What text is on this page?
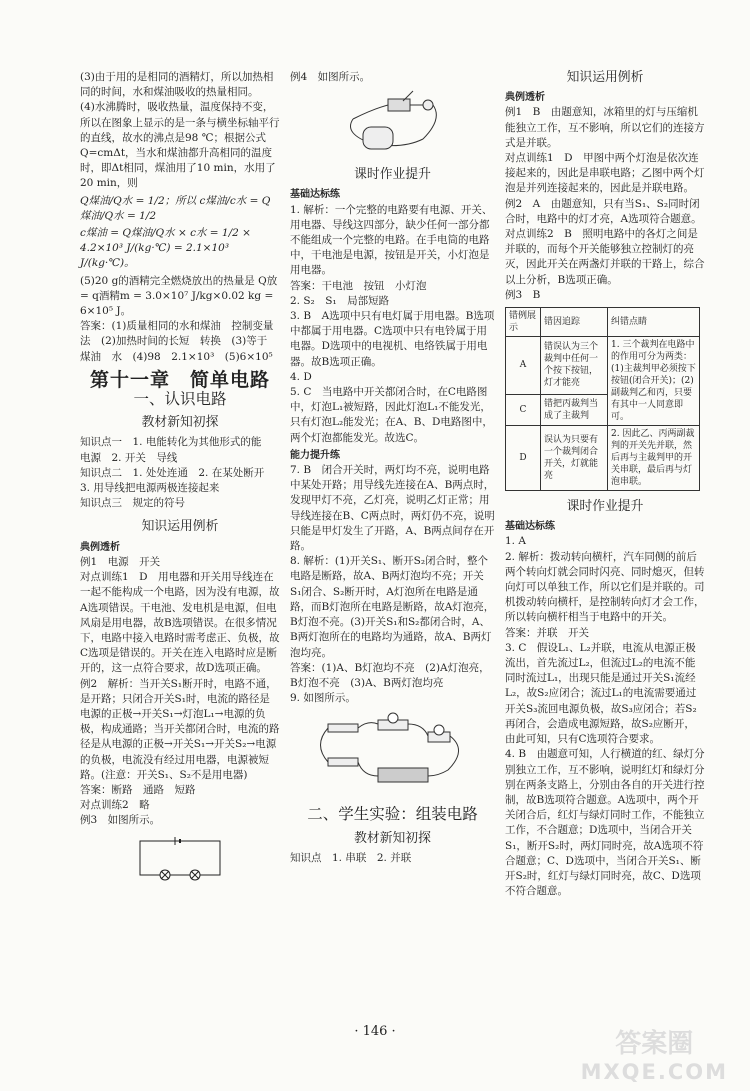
(3)由于用的是相同的酒精灯，所以加热相同的时间，水和煤油吸收的热量相同。

(4)水沸腾时，吸收热量，温度保持不变，所以在图象上显示的是一条与横坐标轴平行的直线，故水的沸点是98 ℃；根据公式Q=cmΔt，当水和煤油都升高相同的温度时，即Δt相同，煤油用了10 min，水用了20 min，则

Q煤油/Q水 = 1/2；所以 c煤油/c水 = Q煤油/Q水 = 1/2

c煤油 = Q煤油/Q水 × c水 = 1/2 × 4.2×10³ J/(kg·℃) = 2.1×10³ J/(kg·℃)。

(5)20 g的酒精完全燃烧放出的热量是 Q放 = q酒精m = 3.0×10⁷ J/kg×0.02 kg = 6×10⁵ J。

答案：(1)质量相同的水和煤油　控制变量法　(2)加热时间的长短　转换　(3)等于　煤油　水　(4)98　2.1×10³　(5)6×10⁵

第十一章　简单电路
一、认识电路
教材新知初探

知识点一　1. 电能转化为其他形式的能　电源　2. 开关　导线

知识点二　1. 处处连通　2. 在某处断开　3. 用导线把电源两极连接起来

知识点三　规定的符号

知识运用例析
典例透析

例1　电源　开关

对点训练1　D　用电器和开关用导线连在一起不能构成一个电路，因为没有电源，故A选项错误。干电池、发电机是电源，但电风扇是用电器，故B选项错误。在很多情况下，电路中接入电路时需考虑正、负极，故C选项是错误的。开关在连入电路时应是断开的，这一点符合要求，故D选项正确。

例2　解析：当开关S₁断开时，电路不通，是开路；只闭合开关S₁时，电流的路径是电源的正极→开关S₁→灯泡L₁→电源的负极，构成通路；当开关都闭合时，电流的路径是从电源的正极→开关S₁→开关S₂→电源的负极，电流没有经过用电器，电源被短路。(注意：开关S₁、S₂不是用电器)

答案：断路　通路　短路

对点训练2　略

例3　如图所示。

例4　如图所示。

课时作业提升
基础达标练

1. 解析：一个完整的电路要有电源、开关、用电器、导线这四部分，缺少任何一部分都不能组成一个完整的电路。在手电筒的电路中，干电池是电源，按钮是开关，小灯泡是用电器。

答案：干电池　按钮　小灯泡

2. S₂　S₁　局部短路

3. B　A选项中只有电灯属于用电器。B选项中都属于用电器。C选项中只有电铃属于用电器。D选项中的电视机、电络铁属于用电器。故B选项正确。

4. D

5. C　当电路中开关都闭合时，在C电路图中，灯泡L₁被短路，因此灯泡L₁不能发光，只有灯泡L₂能发光；在A、B、D电路图中，两个灯泡都能发光。故选C。

能力提升练

7. B　闭合开关时，两灯均不亮，说明电路中某处开路；用导线先连接在A、B两点时，发现甲灯不亮，乙灯亮，说明乙灯正常；用导线连接在B、C两点时，两灯仍不亮，说明只能是甲灯发生了开路，A、B两点间存在开路。

8. 解析：(1)开关S₁、断开S₂闭合时，整个电路是断路，故A、B两灯泡均不亮；开关S₁闭合、S₂断开时，A灯泡所在电路是通路，而B灯泡所在电路是断路，故A灯泡亮，B灯泡不亮。(3)开关S₁和S₂都闭合时，A、B两灯泡所在的电路均为通路，故A、B两灯泡均亮。

答案：(1)A、B灯泡均不亮　(2)A灯泡亮，B灯泡不亮　(3)A、B两灯泡均亮

9. 如图所示。

二、学生实验：组装电路
教材新知初探

知识点　1. 串联　2. 并联

知识运用例析
典例透析

例1　B　由题意知，冰箱里的灯与压缩机能独立工作，互不影响，所以它们的连接方式是并联。

对点训练1　D　甲图中两个灯泡是依次连接起来的，因此是串联电路；乙图中两个灯泡是并列连接起来的，因此是并联电路。

例2　A　由题意知，只有当S₁、S₂同时闭合时，电路中的灯才亮，A选项符合题意。

对点训练2　B　照明电路中的各灯之间是并联的，而每个开关能够独立控制灯的亮灭，因此开关在两盏灯并联的干路上，综合以上分析，B选项正确。

例3　B

错例展示	错因追踪	纠错点睛
A	错误认为三个裁判中任何一个按下按钮，灯才能亮	1. 三个裁判在电路中的作用可分为两类：(1)主裁判甲必须按下按钮(闭合开关)；(2)副裁判乙和丙，只要有其中一人同意即可。
C	错把丙裁判当成了主裁判	
D	误认为只要有一个裁判闭合开关，灯就能亮	2. 因此乙、丙两副裁判的开关先并联，然后再与主裁判甲的开关串联，最后再与灯泡串联。
课时作业提升
基础达标练

1. A

2. 解析：拨动转向横杆，汽车同侧的前后两个转向灯就会同时闪亮、同时熄灭，但转向灯可以单独工作，所以它们是并联的。司机拨动转向横杆，是控制转向灯才会工作，所以转向横杆相当于电路中的开关。

答案：并联　开关

3. C　假设L₁、L₂并联，电流从电源正极流出，首先流过L₂，但流过L₂的电流不能同时流过L₁，出现只能是通过开关S₁流经L₂，故S₂应闭合；流过L₁的电流需要通过开关S₃流回电源负极，故S₃应闭合；若S₂再闭合，会造成电源短路，故S₂应断开，由此可知，只有C选项符合要求。

4. B　由题意可知，人行横道的红、绿灯分别独立工作，互不影响，说明红灯和绿灯分别在两条支路上，分别由各自的开关进行控制，故B选项符合题意。A选项中，两个开关闭合后，红灯与绿灯同时工作，不能独立工作，不合题意；D选项中，当闭合开关S₁，断开S₂时，两灯同时亮，故A选项不符合题意；C、D选项中，当闭合开关S₁、断开S₂时，红灯与绿灯同时亮，故C、D选项不符合题意。

· 146 ·	答案圈
MXQE.COM
